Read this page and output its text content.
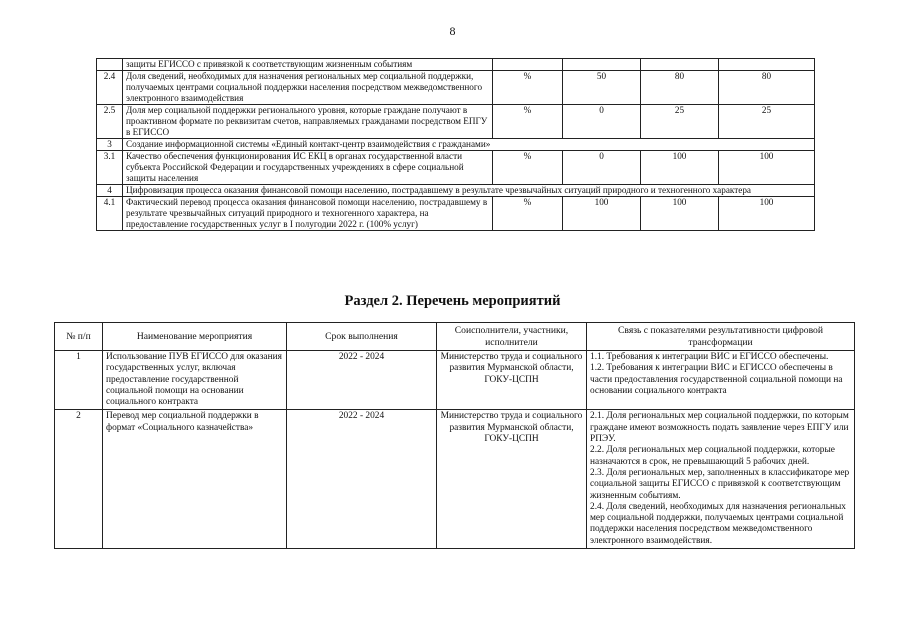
8
	защиты ЕГИССО с привязкой к соответствующим жизненным событиям				
2.4	Доля сведений, необходимых для назначения региональных мер социальной поддержки, получаемых центрами социальной поддержки населения посредством межведомственного электронного взаимодействия	%	50	80	80
2.5	Доля мер социальной поддержки регионального уровня, которые граждане получают в проактивном формате по реквизитам счетов, направляемых гражданами посредством ЕПГУ в ЕГИССО	%	0	25	25
3	Создание информационной системы «Единый контакт-центр взаимодействия с гражданами»				
3.1	Качество обеспечения функционирования ИС ЕКЦ в органах государственной власти субъекта Российской Федерации и государственных учреждениях в сфере социальной защиты населения	%	0	100	100
4	Цифровизация процесса оказания финансовой помощи населению, пострадавшему в результате чрезвычайных ситуаций природного и техногенного характера				
4.1	Фактический перевод процесса оказания финансовой помощи населению, пострадавшему в результате чрезвычайных ситуаций природного и техногенного характера, на предоставление государственных услуг в I полугодии 2022 г. (100% услуг)	%	100	100	100
Раздел 2. Перечень мероприятий
№ п/п	Наименование мероприятия	Срок выполнения	Соисполнители, участники, исполнители	Связь с показателями результативности цифровой трансформации
1	Использование ПУВ ЕГИССО для оказания государственных услуг, включая предоставление государственной социальной помощи на основании социального контракта	2022 - 2024	Министерство труда и социального развития Мурманской области, ГОКУ-ЦСПН	1.1. Требования к интеграции ВИС и ЕГИССО обеспечены.
1.2. Требования к интеграции ВИС и ЕГИССО обеспечены в части предоставления государственной социальной помощи на основании социального контракта

2	Перевод мер социальной поддержки в формат «Социального казначейства»	2022 - 2024	Министерство труда и социального развития Мурманской области, ГОКУ-ЦСПН	2.1. Доля региональных мер социальной поддержки, по которым граждане имеют возможность подать заявление через ЕПГУ или РПЭУ.
2.2. Доля региональных мер социальной поддержки, которые назначаются в срок, не превышающий 5 рабочих дней.
2.3. Доля региональных мер, заполненных в классификаторе мер социальной защиты ЕГИССО с привязкой к соответствующим жизненным событиям.
2.4. Доля сведений, необходимых для назначения региональных мер социальной поддержки, получаемых центрами социальной поддержки населения посредством межведомственного электронного взаимодействия.
